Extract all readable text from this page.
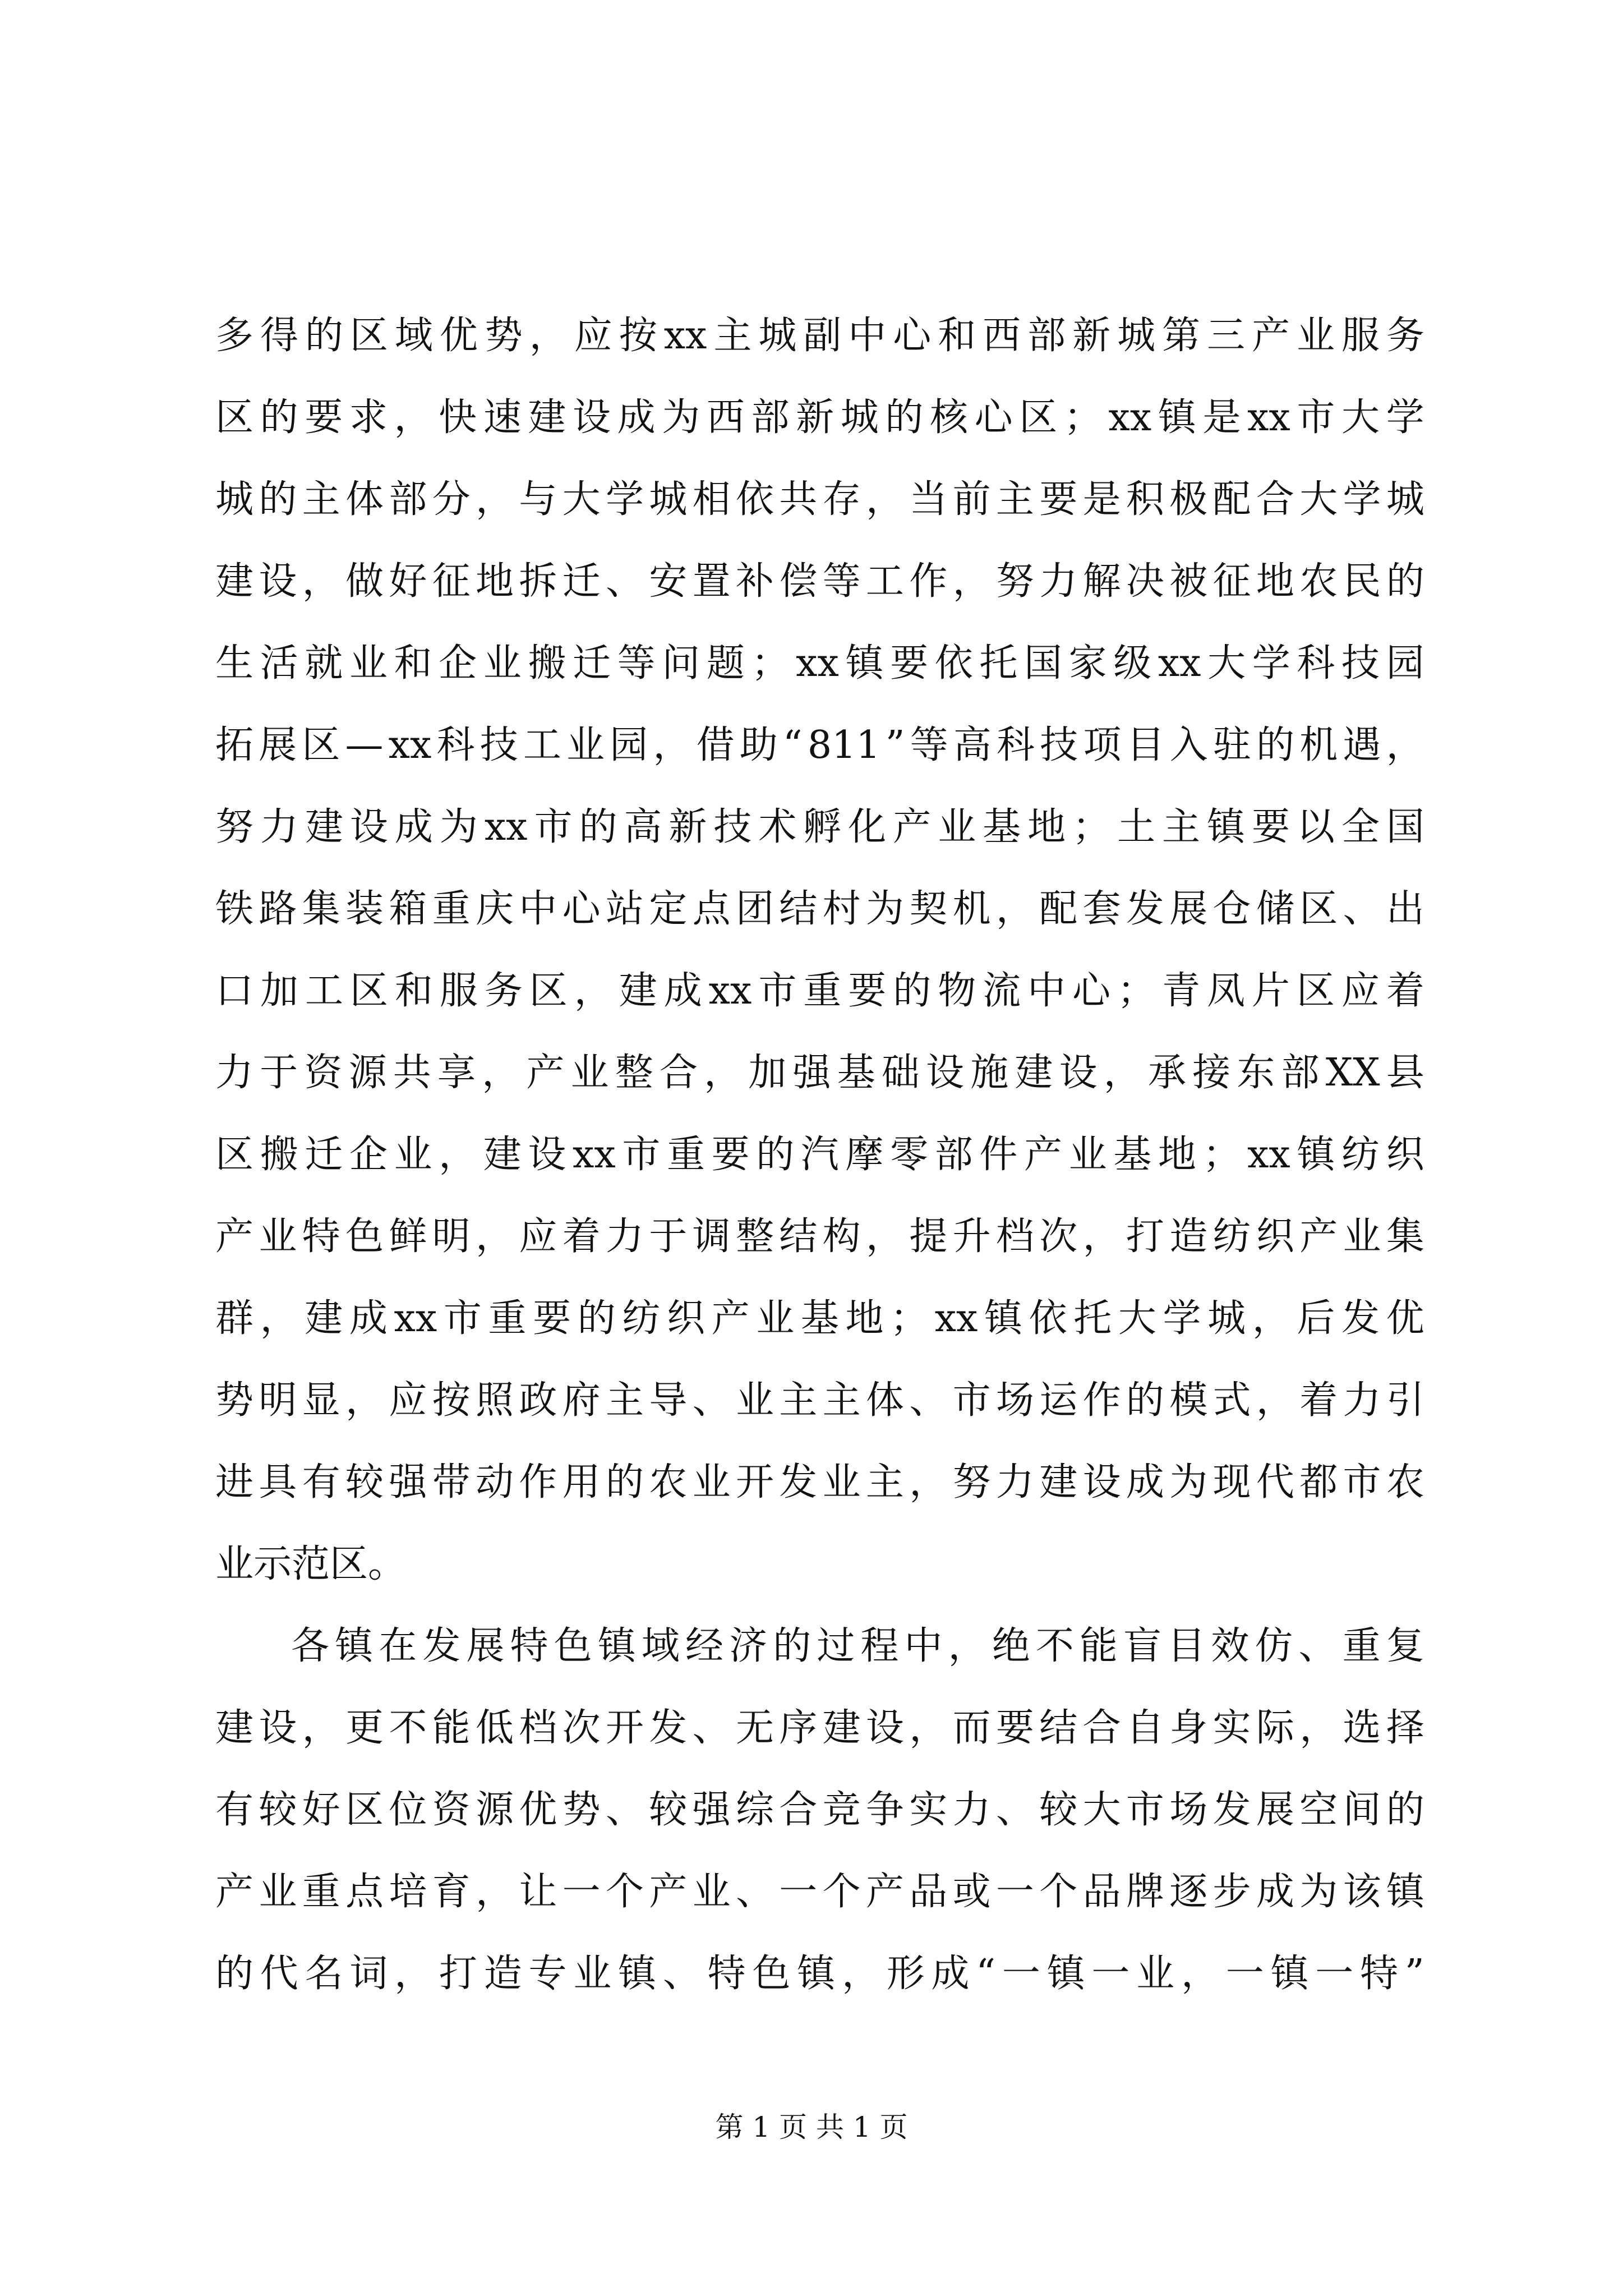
多 得 的 区 域 优 势 ， 应 按 xx 主 城 副 中 心 和 西 部 新 城 第 三 产 业 服 务
区 的 要 求 ， 快 速 建 设 成 为 西 部 新 城 的 核 心 区 ； xx 镇 是 xx 市 大 学
城 的 主 体 部 分 ， 与 大 学 城 相 依 共 存 ， 当 前 主 要 是 积 极 配 合 大 学 城
建 设 ， 做 好 征 地 拆 迁 、 安 置 补 偿 等 工 作 ， 努 力 解 决 被 征 地 农 民 的
生 活 就 业 和 企 业 搬 迁 等 问 题 ； xx 镇 要 依 托 国 家 级 xx 大 学 科 技 园
拓 展 区 — xx 科 技 工 业 园 ， 借 助 “ 811 ” 等 高 科 技 项 目 入 驻 的 机 遇 ，
努 力 建 设 成 为 xx 市 的 高 新 技 术 孵 化 产 业 基 地 ； 土 主 镇 要 以 全 国
铁 路 集 装 箱 重 庆 中 心 站 定 点 团 结 村 为 契 机 ， 配 套 发 展 仓 储 区 、 出
口 加 工 区 和 服 务 区 ， 建 成 xx 市 重 要 的 物 流 中 心 ； 青 凤 片 区 应 着
力 于 资 源 共 享 ， 产 业 整 合 ， 加 强 基 础 设 施 建 设 ， 承 接 东 部 XX 县
区 搬 迁 企 业 ， 建 设 xx 市 重 要 的 汽 摩 零 部 件 产 业 基 地 ； xx 镇 纺 织
产 业 特 色 鲜 明 ， 应 着 力 于 调 整 结 构 ， 提 升 档 次 ， 打 造 纺 织 产 业 集
群 ， 建 成 xx 市 重 要 的 纺 织 产 业 基 地 ； xx 镇 依 托 大 学 城 ， 后 发 优
势 明 显 ， 应 按 照 政 府 主 导 、 业 主 主 体 、 市 场 运 作 的 模 式 ， 着 力 引
进 具 有 较 强 带 动 作 用 的 农 业 开 发 业 主 ， 努 力 建 设 成 为 现 代 都 市 农
业示范区。
各 镇 在 发 展 特 色 镇 域 经 济 的 过 程 中 ， 绝 不 能 盲 目 效 仿 、 重 复
建 设 ， 更 不 能 低 档 次 开 发 、 无 序 建 设 ， 而 要 结 合 自 身 实 际 ， 选 择
有 较 好 区 位 资 源 优 势 、 较 强 综 合 竞 争 实 力 、 较 大 市 场 发 展 空 间 的
产 业 重 点 培 育 ， 让 一 个 产 业 、 一 个 产 品 或 一 个 品 牌 逐 步 成 为 该 镇
的 代 名 词 ， 打 造 专 业 镇 、 特 色 镇 ， 形 成 “ 一 镇 一 业 ， 一 镇 一 特 ”
第 1 页 共 1 页
